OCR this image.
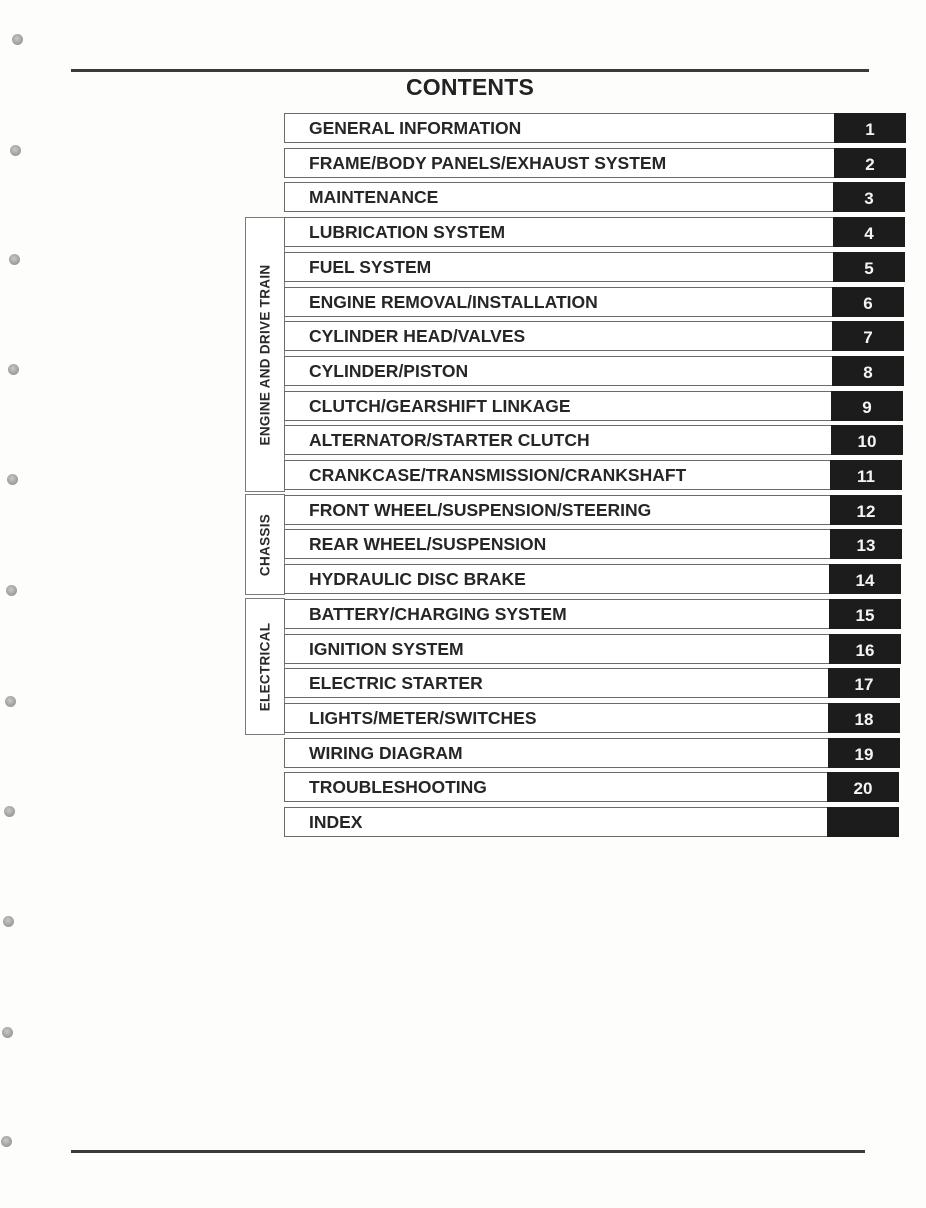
CONTENTS
ENGINE AND DRIVE TRAIN
CHASSIS
ELECTRICAL
GENERAL INFORMATION	1
FRAME/BODY PANELS/EXHAUST SYSTEM	2
MAINTENANCE	3
LUBRICATION SYSTEM	4
FUEL SYSTEM	5
ENGINE REMOVAL/INSTALLATION	6
CYLINDER HEAD/VALVES	7
CYLINDER/PISTON	8
CLUTCH/GEARSHIFT LINKAGE	9
ALTERNATOR/STARTER CLUTCH	10
CRANKCASE/TRANSMISSION/CRANKSHAFT	11
FRONT WHEEL/SUSPENSION/STEERING	12
REAR WHEEL/SUSPENSION	13
HYDRAULIC DISC BRAKE	14
BATTERY/CHARGING SYSTEM	15
IGNITION SYSTEM	16
ELECTRIC STARTER	17
LIGHTS/METER/SWITCHES	18
WIRING DIAGRAM	19
TROUBLESHOOTING	20
INDEX
